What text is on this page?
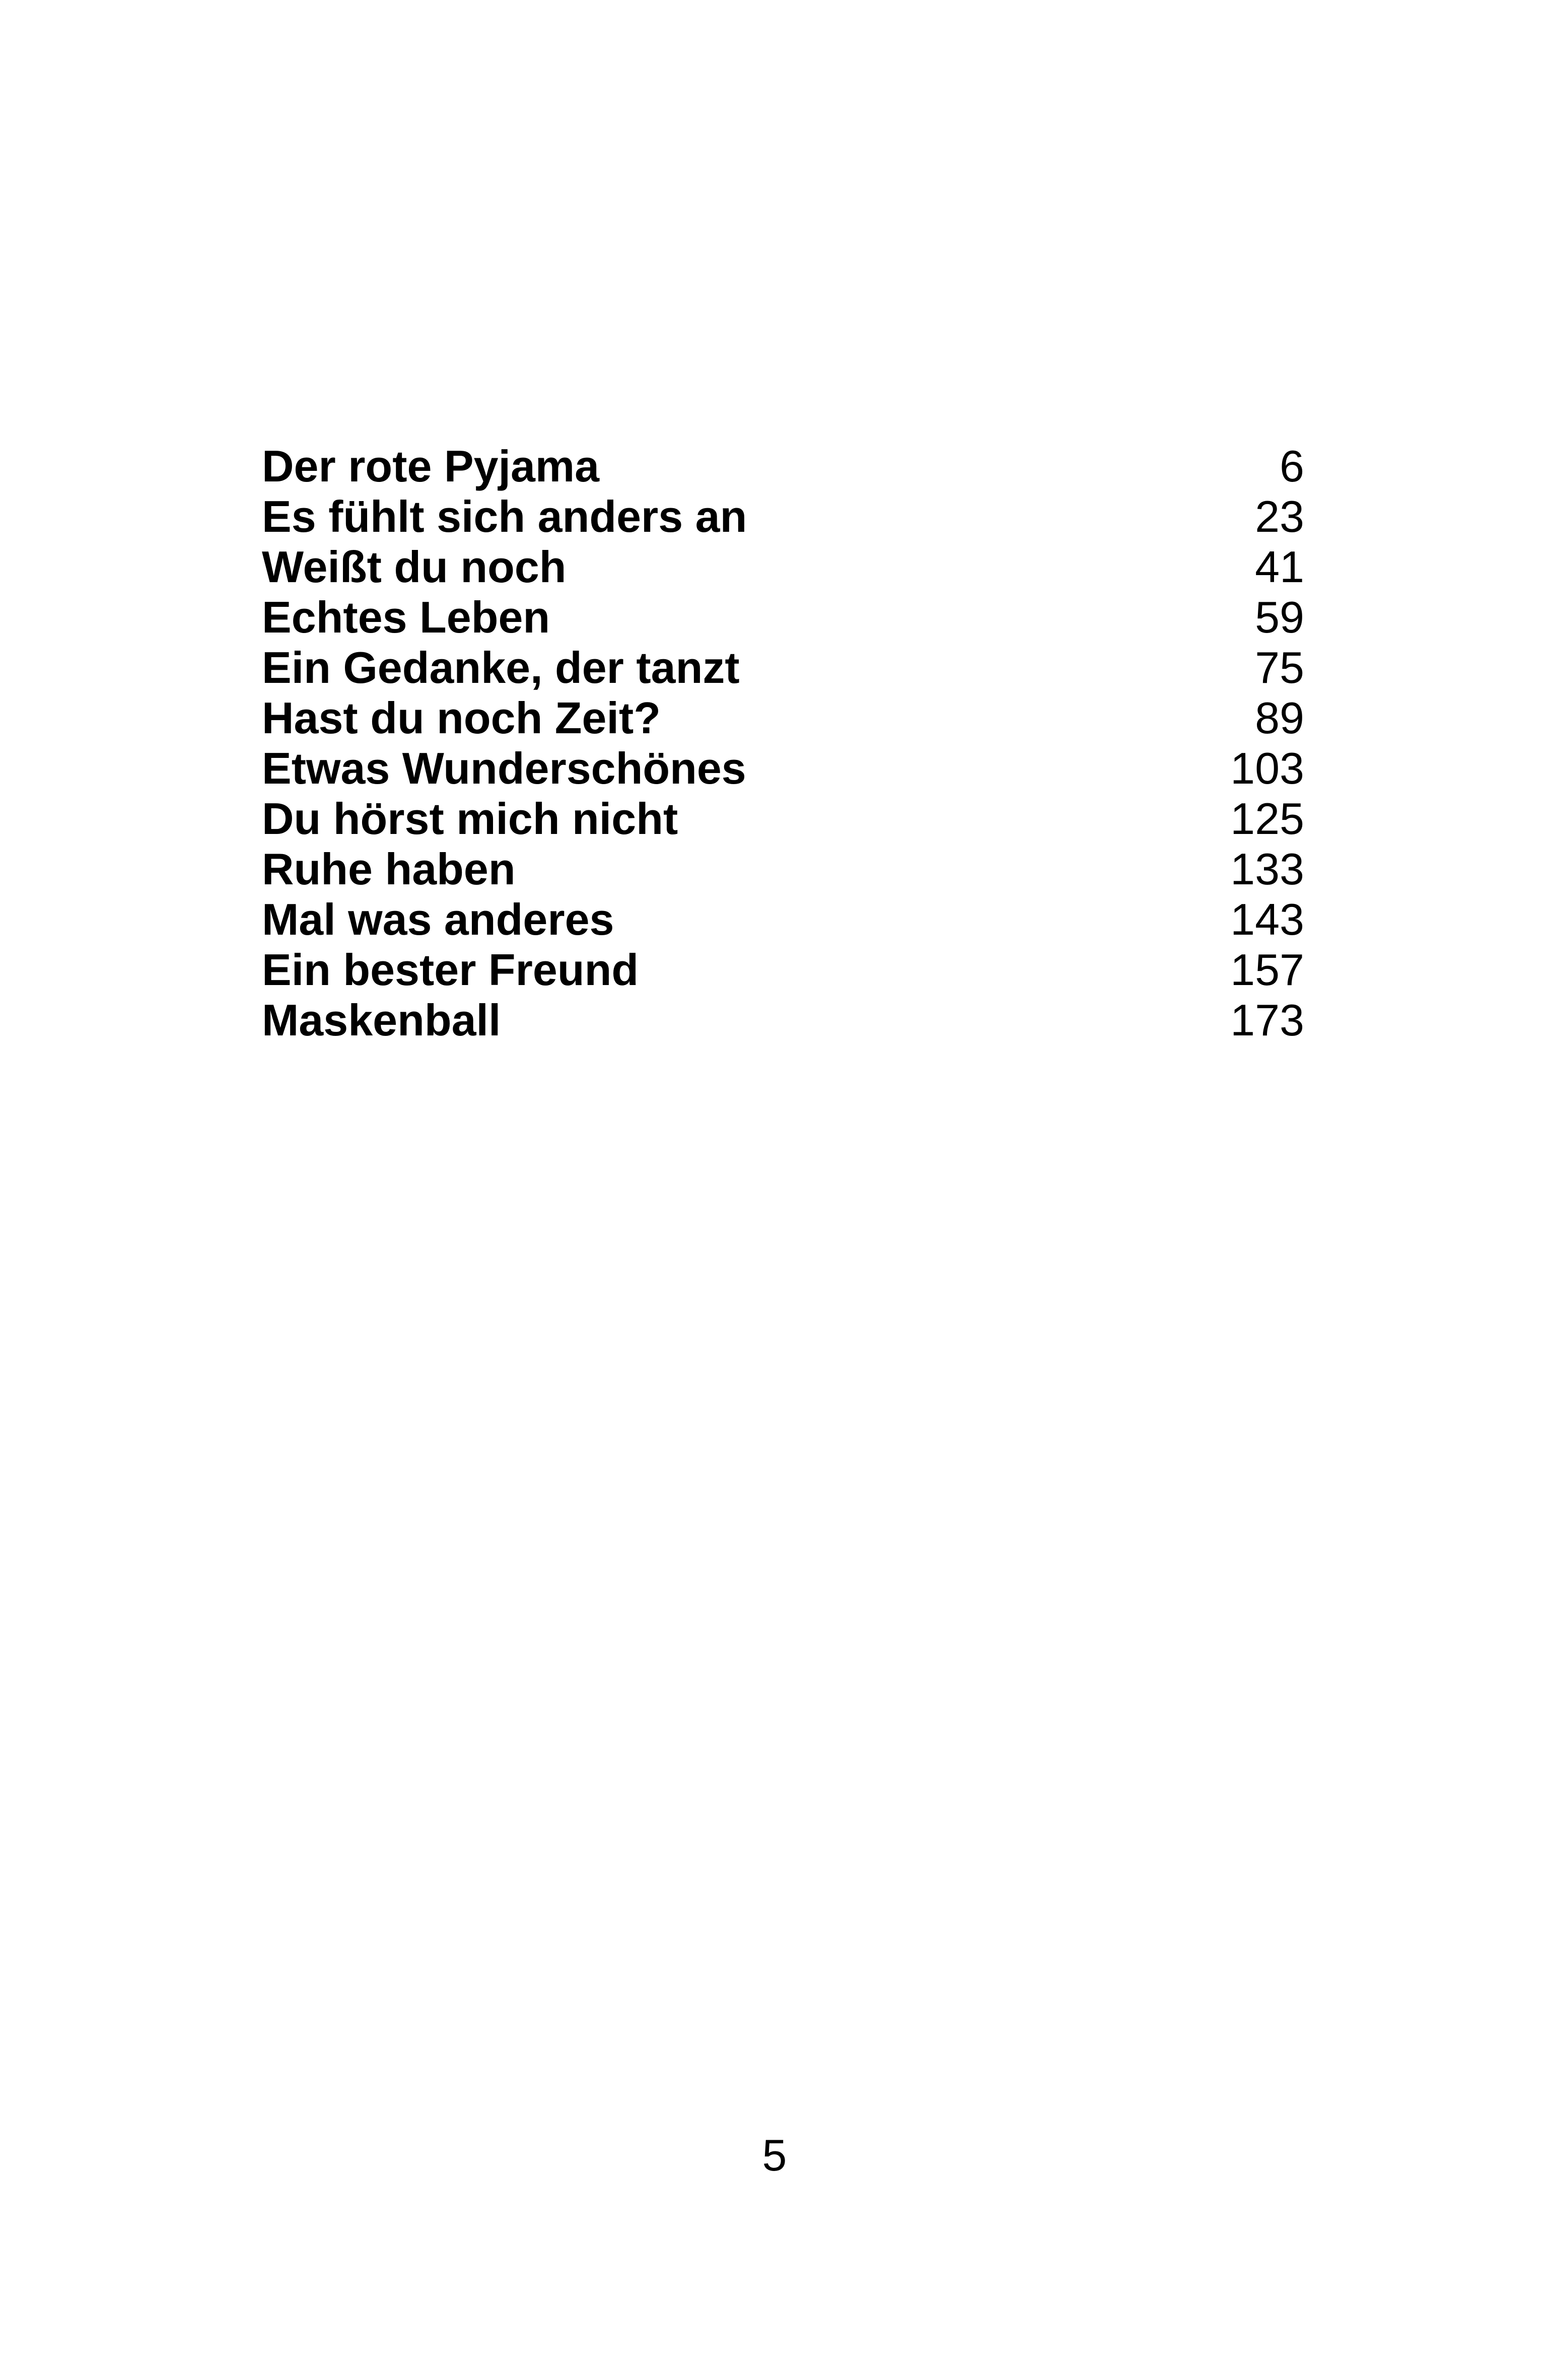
Der rote Pyjama	6
Es fühlt sich anders an	23
Weißt du noch	41
Echtes Leben	59
Ein Gedanke, der tanzt	75
Hast du noch Zeit?	89
Etwas Wunderschönes	103
Du hörst mich nicht	125
Ruhe haben	133
Mal was anderes	143
Ein bester Freund	157
Maskenball	173
5
